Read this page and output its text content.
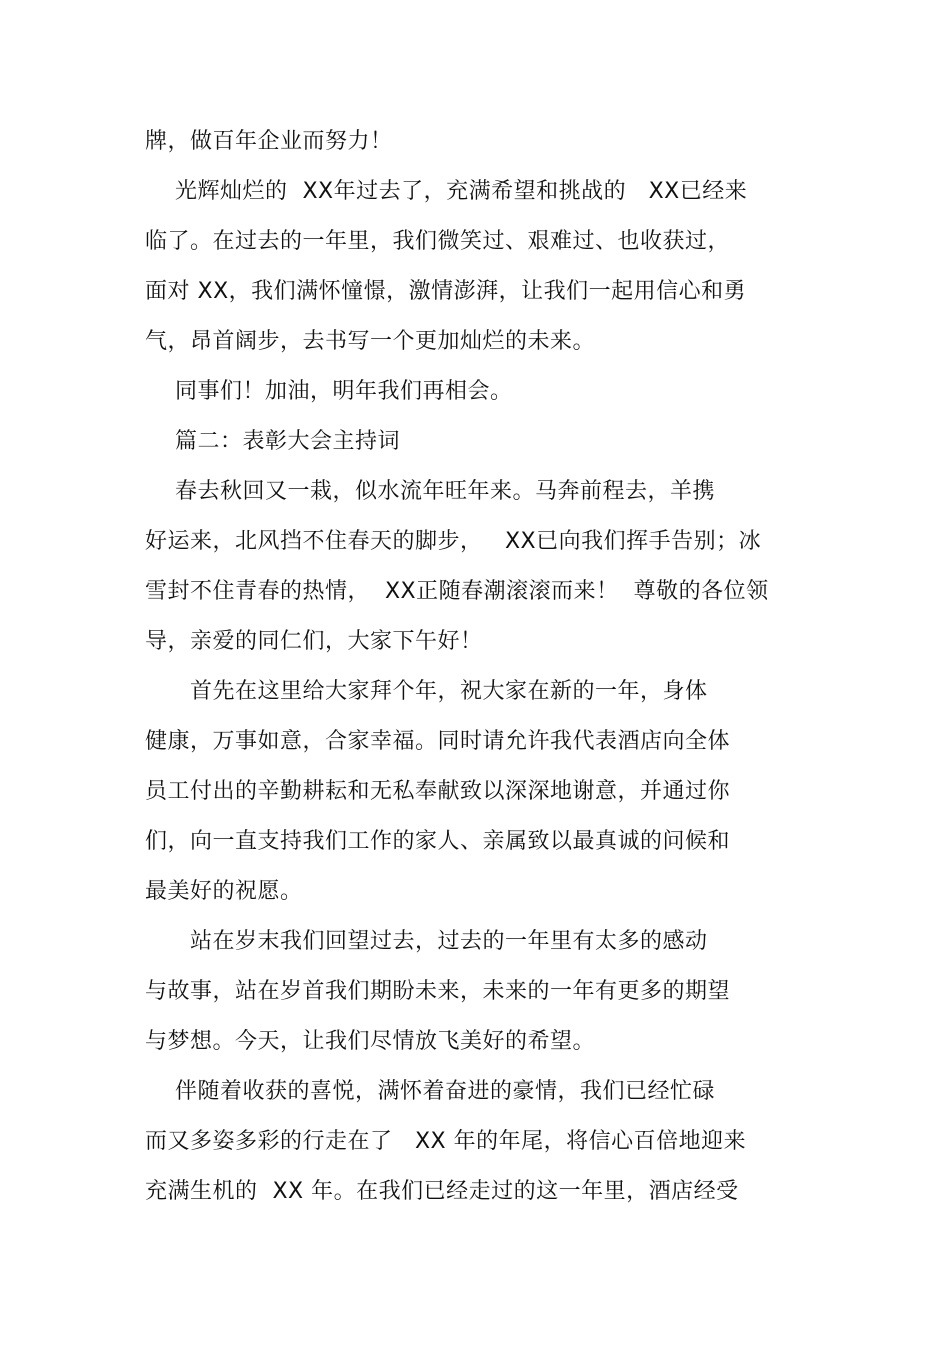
牌，做百年企业而努力！
光辉灿烂的  XX年过去了，充满希望和挑战的   XX已经来
临了。在过去的一年里，我们微笑过、艰难过、也收获过，
面对 XX，我们满怀憧憬，激情澎湃，让我们一起用信心和勇
气，昂首阔步，去书写一个更加灿烂的未来。
同事们！加油，明年我们再相会。
篇二：表彰大会主持词
春去秋回又一栽，似水流年旺年来。马奔前程去，羊携
好运来，北风挡不住春天的脚步，   XX已向我们挥手告别；冰
雪封不住青春的热情，  XX正随春潮滚滚而来！  尊敬的各位领
导，亲爱的同仁们，大家下午好！
首先在这里给大家拜个年，祝大家在新的一年，身体
健康，万事如意，合家幸福。同时请允许我代表酒店向全体
员工付出的辛勤耕耘和无私奉献致以深深地谢意，并通过你
们，向一直支持我们工作的家人、亲属致以最真诚的问候和
最美好的祝愿。
站在岁末我们回望过去，过去的一年里有太多的感动
与故事，站在岁首我们期盼未来，未来的一年有更多的期望
与梦想。今天，让我们尽情放飞美好的希望。
伴随着收获的喜悦，满怀着奋进的豪情，我们已经忙碌
而又多姿多彩的行走在了   XX 年的年尾，将信心百倍地迎来
充满生机的  XX 年。在我们已经走过的这一年里，酒店经受
